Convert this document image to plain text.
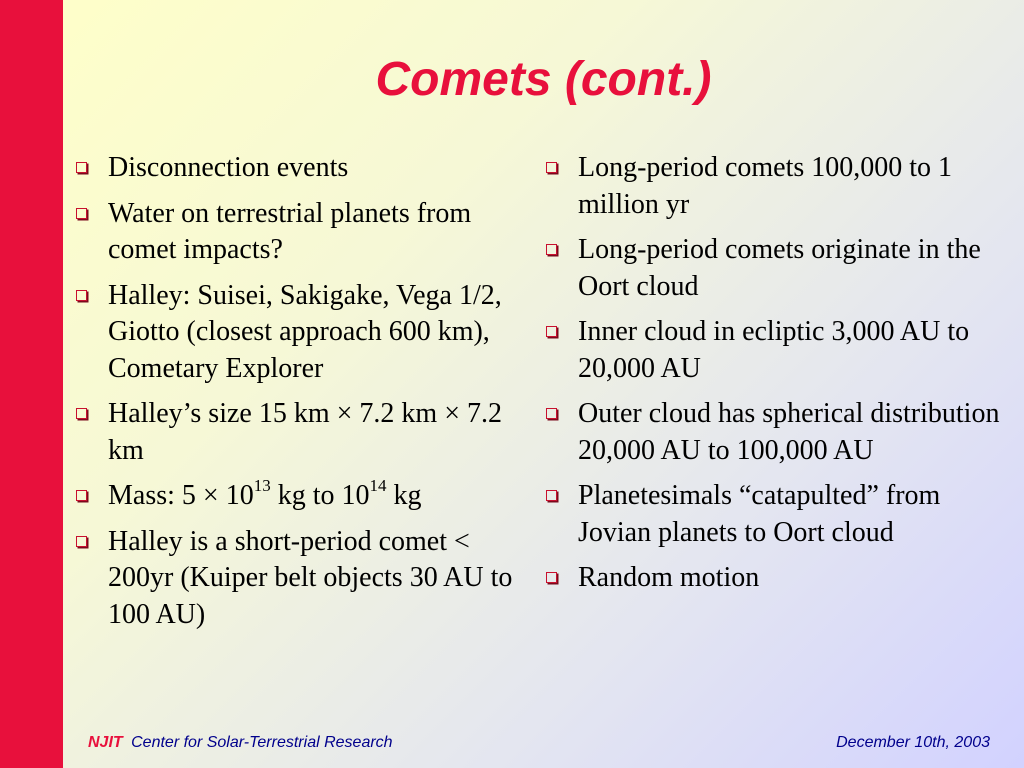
Comets (cont.)
Disconnection events
Water on terrestrial planets from comet impacts?
Halley: Suisei, Sakigake, Vega 1/2, Giotto (closest approach 600 km), Cometary Explorer
Halley’s size 15 km × 7.2 km × 7.2 km
Mass: $5 \times 10^{13}$ kg to $10^{14}$ kg
Halley is a short-period comet < 200yr (Kuiper belt objects 30 AU to 100 AU)
Long-period comets 100,000 to 1 million yr
Long-period comets originate in the Oort cloud
Inner cloud in ecliptic 3,000 AU to 20,000 AU
Outer cloud has spherical distribution 20,000 AU to 100,000 AU
Planetesimals “catapulted” from Jovian planets to Oort cloud
Random motion
NJIT Center for Solar-Terrestrial Research	December 10th, 2003
